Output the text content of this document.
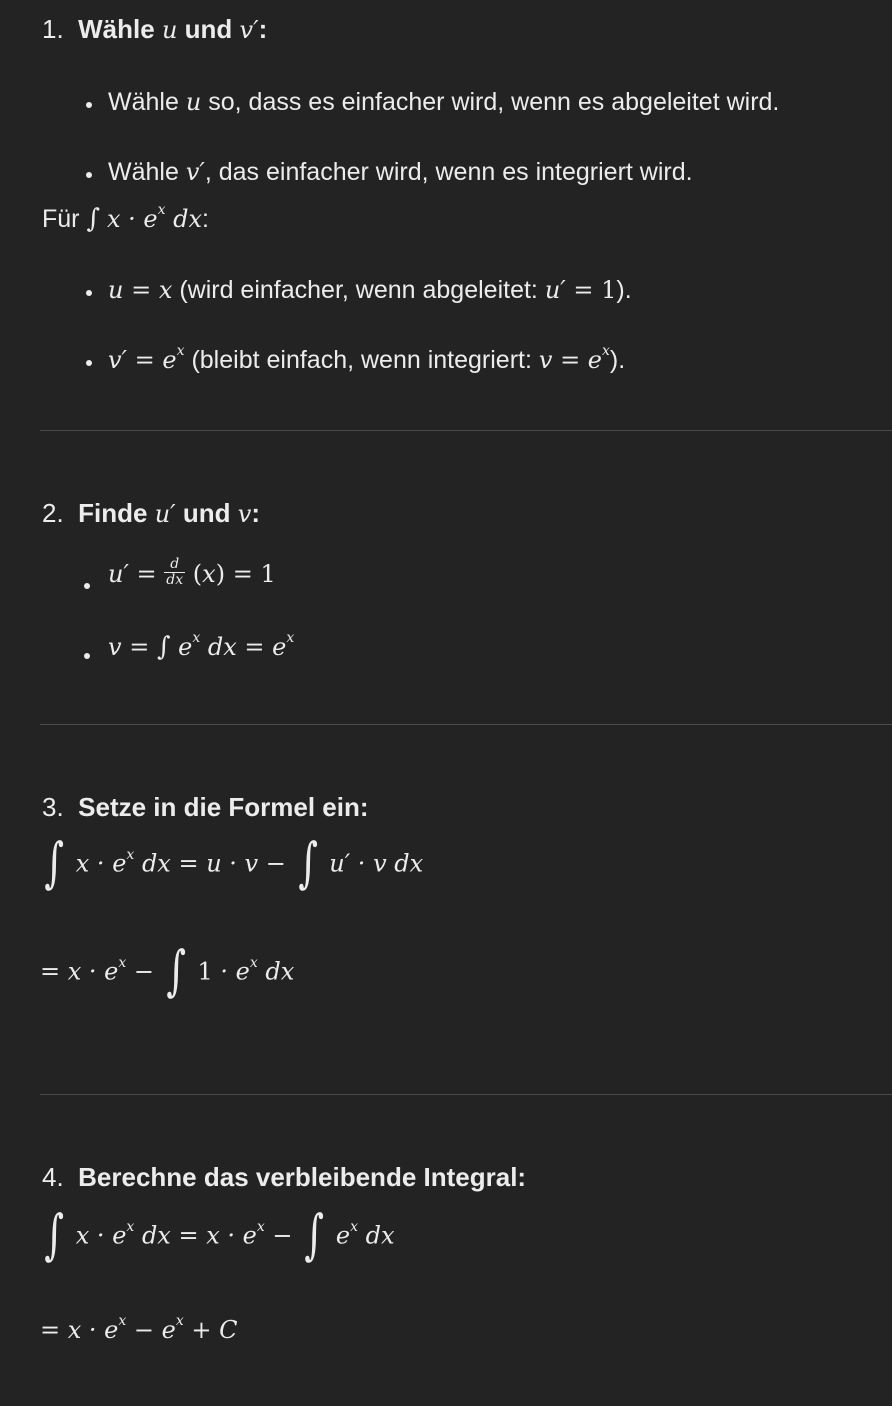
1. Wähle u und v′:
Wähle u so, dass es einfacher wird, wenn es abgeleitet wird.
Wähle v′, das einfacher wird, wenn es integriert wird.
Für ∫ $x \cdot e^x$ dx:
u = x (wird einfacher, wenn abgeleitet: u′ = 1).
$v' = e^x$ (bleibt einfach, wenn integriert: $v = e^x$).
2. Finde u′ und v:
$u' = \frac{d}{dx} (x) = 1$
v = ∫ $e^x$ dx = $e^x$
3. Setze in die Formel ein:
∫ $x \cdot e^x$ dx = u · v − ∫ u′ · v dx
= $x \cdot e^x$ − ∫ $1 \cdot e^x$ dx
4. Berechne das verbleibende Integral:
∫ $x \cdot e^x$ dx = $x \cdot e^x$ − ∫ $e^x$ dx
= $x \cdot e^x - e^x + C$
